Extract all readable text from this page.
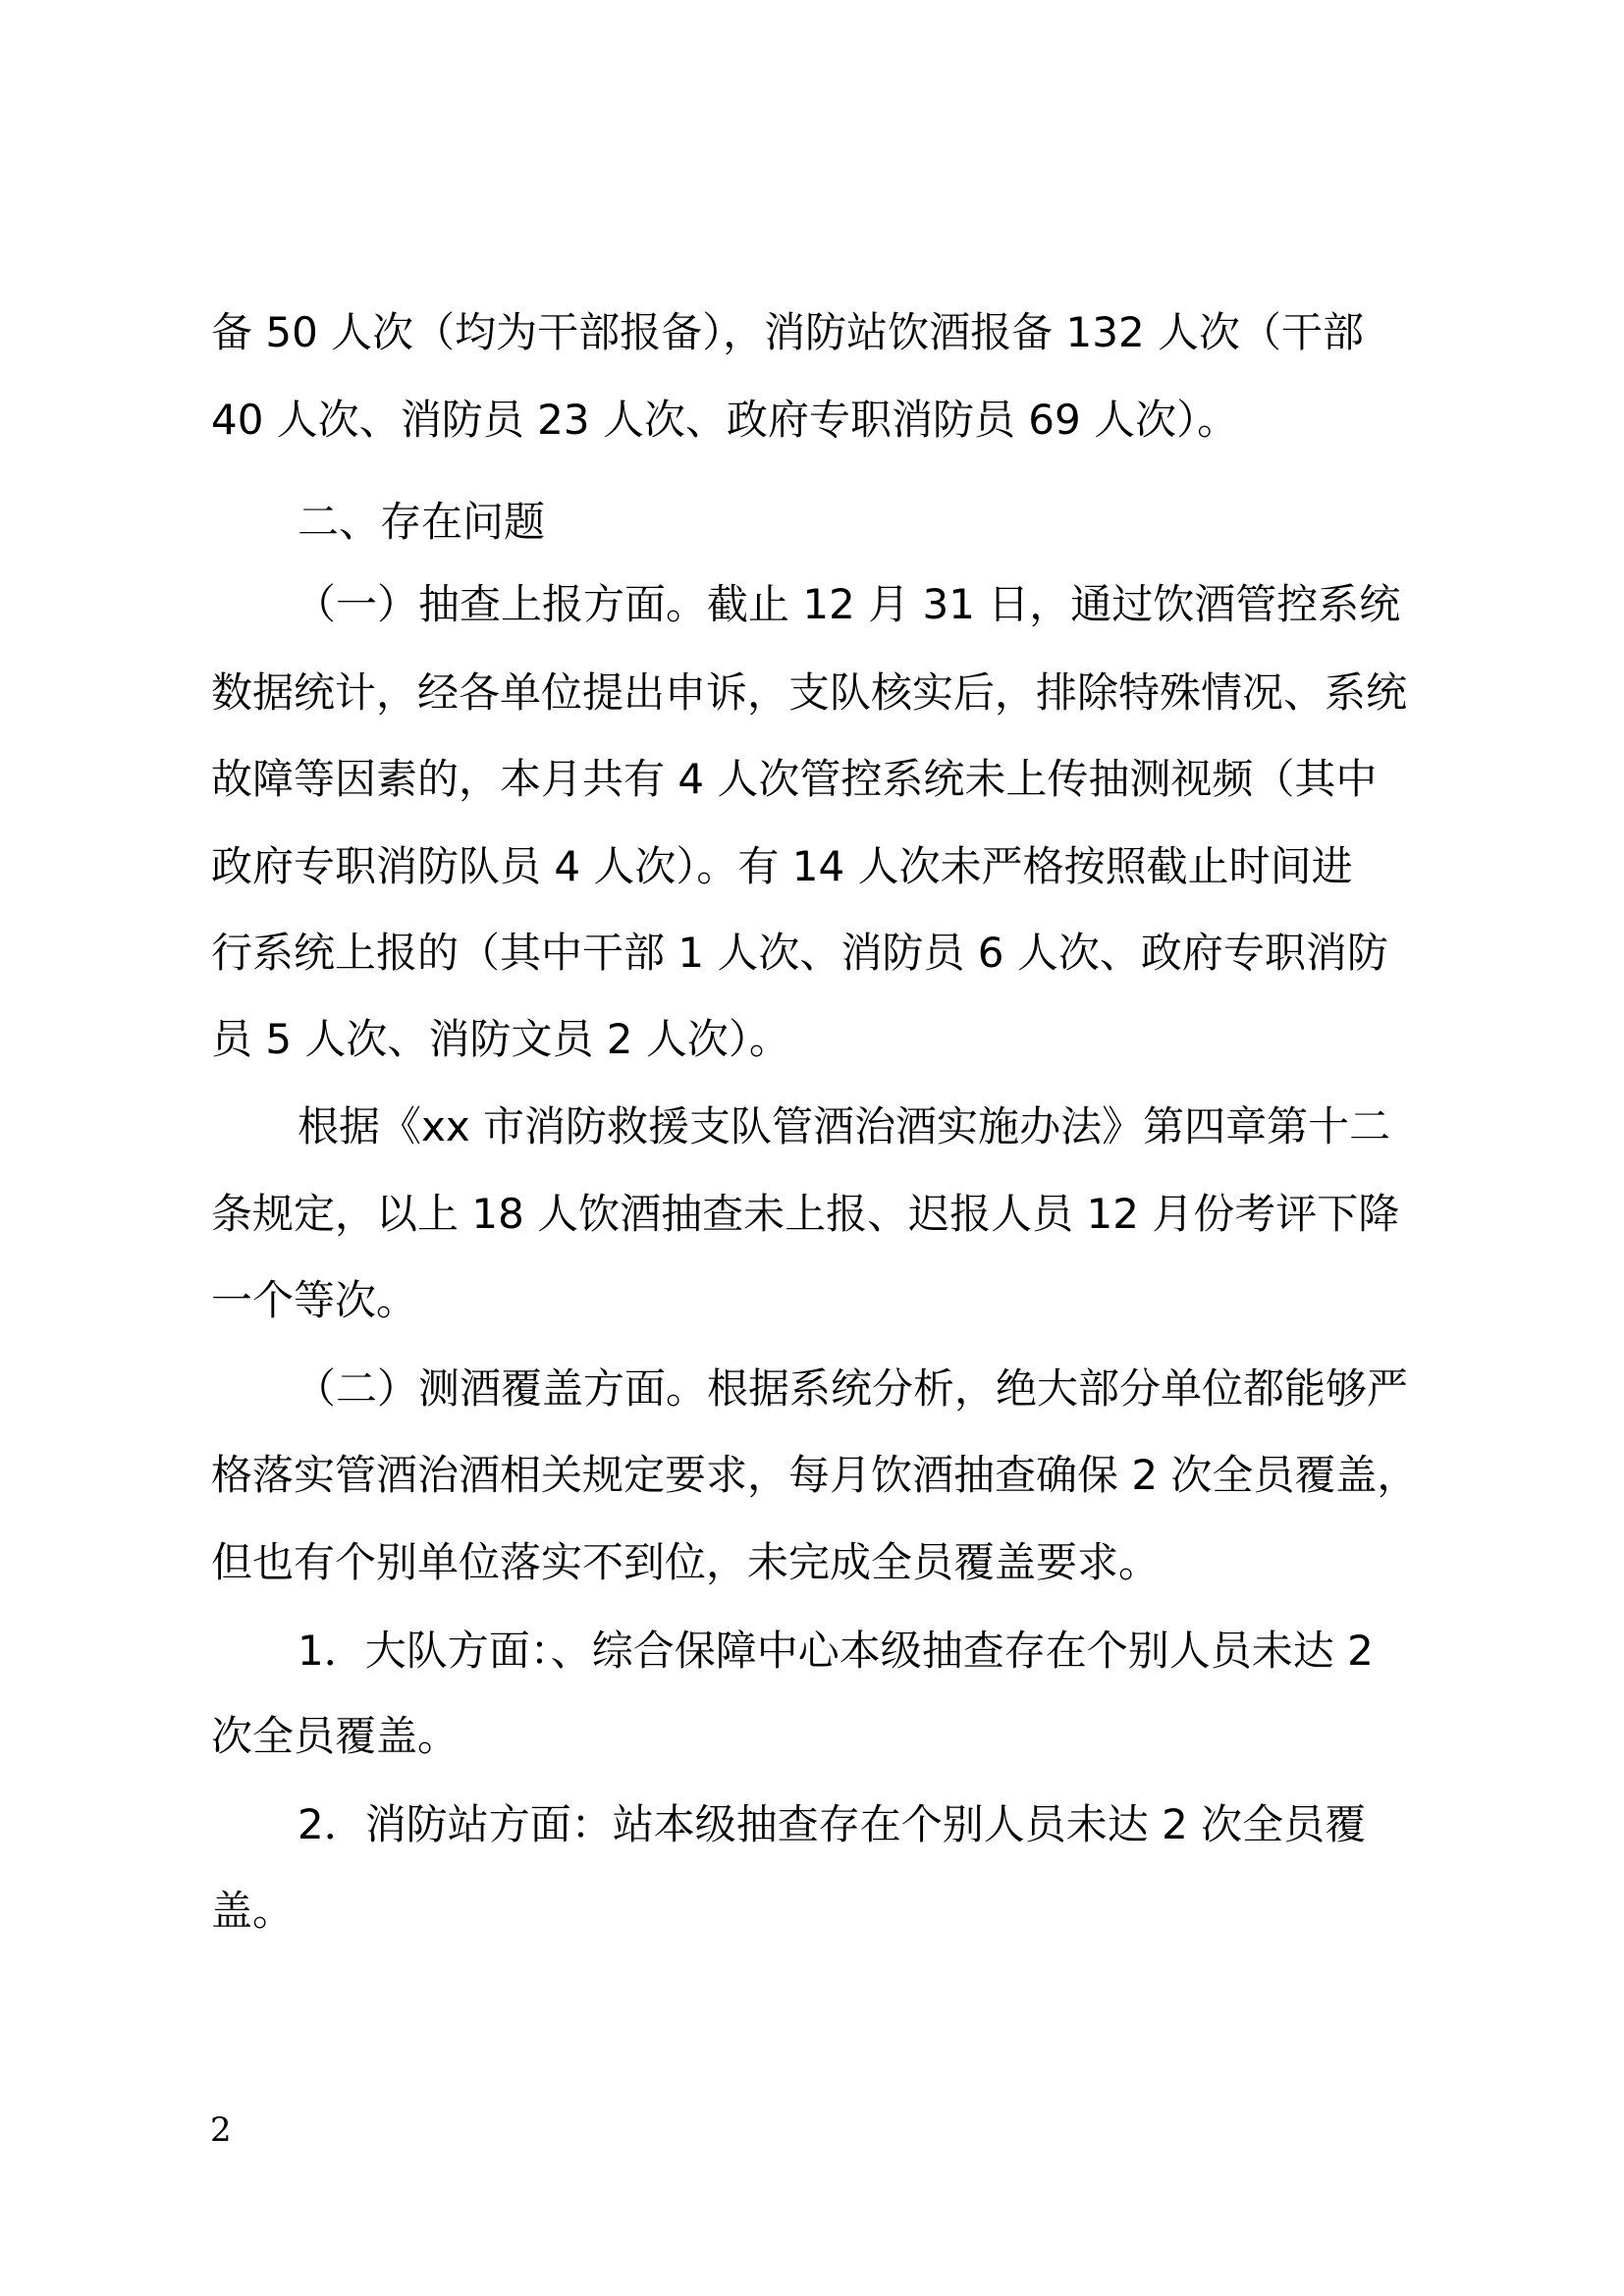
备 50 人次（均为干部报备），消防站饮酒报备 132 人次（干部
40 人次、消防员 23 人次、政府专职消防员 69 人次）。
二、存在问题
（一）抽查上报方面。截止 12 月 31 日，通过饮酒管控系统
数据统计，经各单位提出申诉，支队核实后，排除特殊情况、系统
故障等因素的，本月共有 4 人次管控系统未上传抽测视频（其中
政府专职消防队员 4 人次）。有 14 人次未严格按照截止时间进
行系统上报的（其中干部 1 人次、消防员 6 人次、政府专职消防
员 5 人次、消防文员 2 人次）。
根据《xx 市消防救援支队管酒治酒实施办法》第四章第十二
条规定，以上 18 人饮酒抽查未上报、迟报人员 12 月份考评下降
一个等次。
（二）测酒覆盖方面。根据系统分析，绝大部分单位都能够严
格落实管酒治酒相关规定要求，每月饮酒抽查确保 2 次全员覆盖，
但也有个别单位落实不到位，未完成全员覆盖要求。
1．大队方面：、综合保障中心本级抽查存在个别人员未达 2
次全员覆盖。
2．消防站方面：站本级抽查存在个别人员未达 2 次全员覆
盖。
2
